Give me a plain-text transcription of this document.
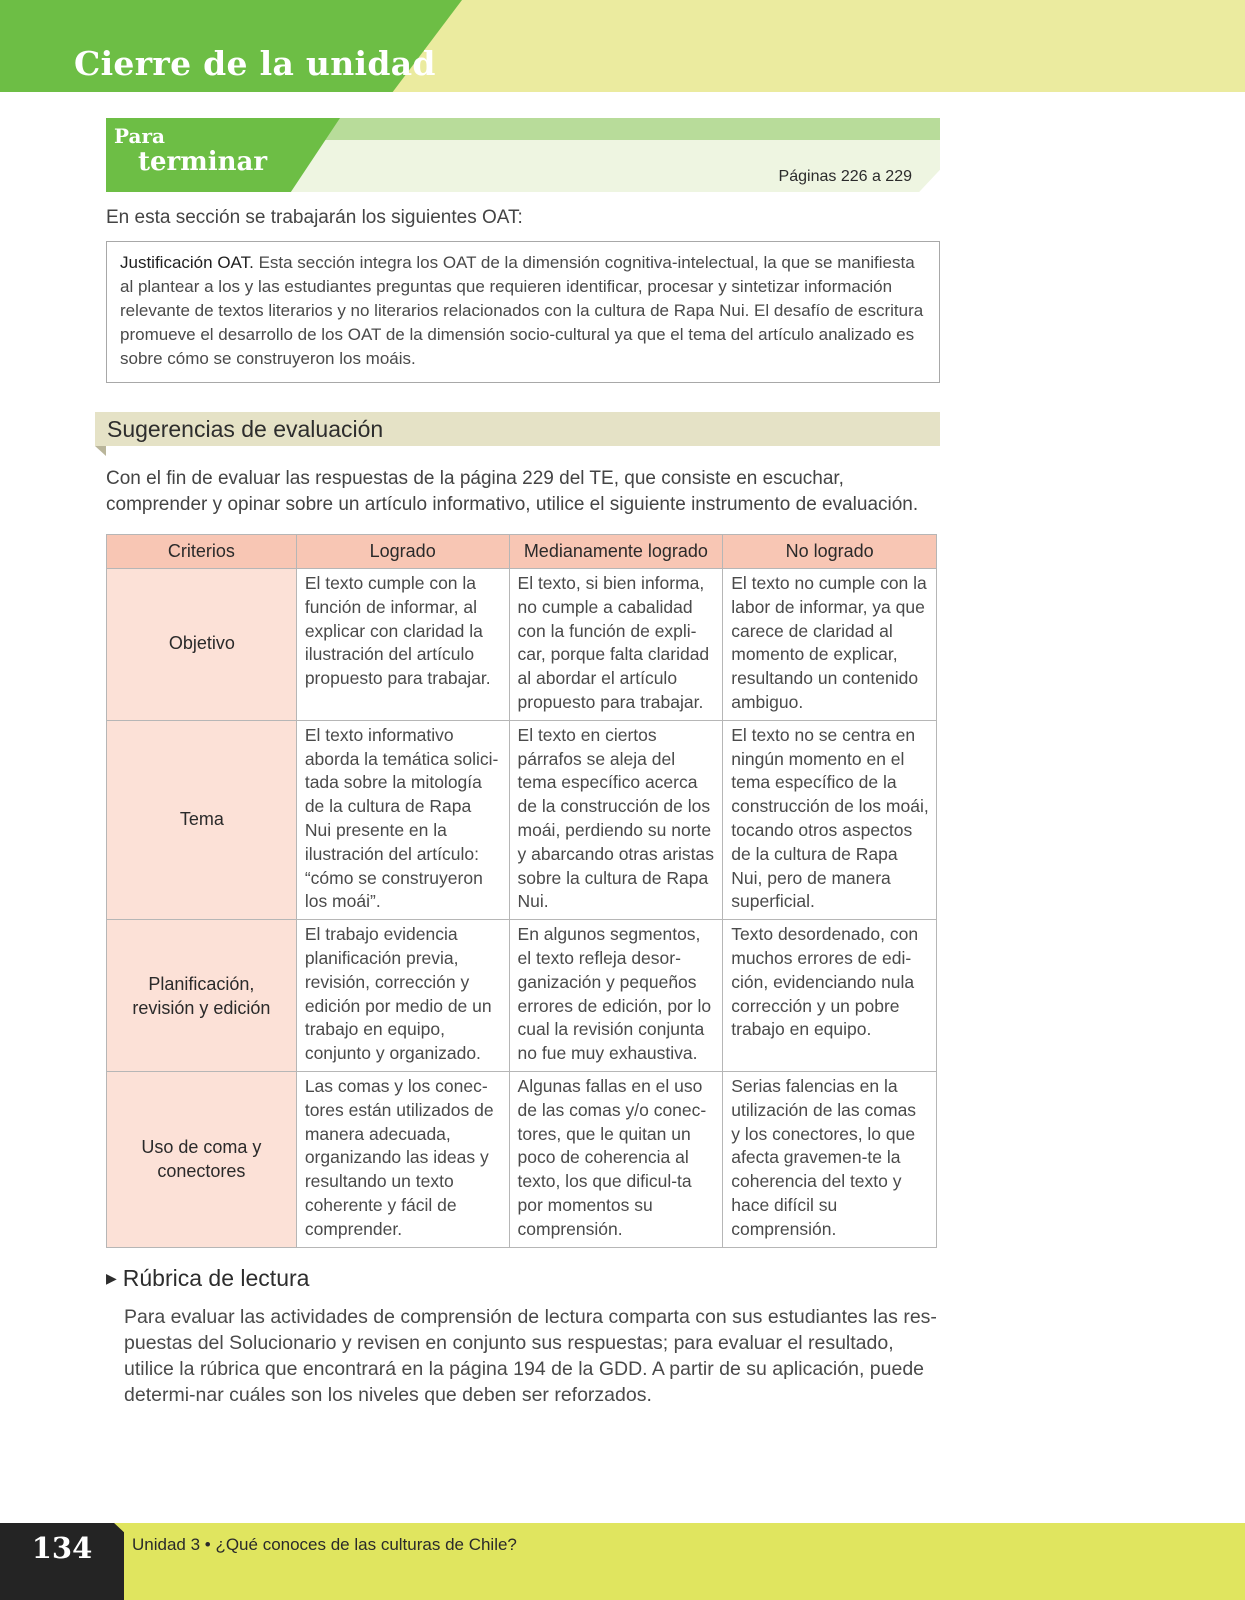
Cierre de la unidad
Para
terminar	Páginas 226 a 229
En esta sección se trabajarán los siguientes OAT:
Justificación OAT. Esta sección integra los OAT de la dimensión cognitiva-intelectual, la que se manifiesta al plantear a los y las estudiantes preguntas que requieren identificar, procesar y sintetizar información relevante de textos literarios y no literarios relacionados con la cultura de Rapa Nui. El desafío de escritura promueve el desarrollo de los OAT de la dimensión socio-cultural ya que el tema del artículo analizado es sobre cómo se construyeron los moáis.
Sugerencias de evaluación
Con el fin de evaluar las respuestas de la página 229 del TE, que consiste en escuchar, comprender y opinar sobre un artículo informativo, utilice el siguiente instrumento de evaluación.
Criterios	Logrado	Medianamente logrado	No logrado
Objetivo	El texto cumple con la función de informar, al explicar con claridad la ilustración del artículo propuesto para trabajar.	El texto, si bien informa, no cumple a cabalidad con la función de expli-car, porque falta claridad al abordar el artículo propuesto para trabajar.	El texto no cumple con la labor de informar, ya que carece de claridad al momento de explicar, resultando un contenido ambiguo.
Tema	El texto informativo aborda la temática solici-tada sobre la mitología de la cultura de Rapa Nui presente en la ilustración del artículo: “cómo se construyeron los moái”.	El texto en ciertos párrafos se aleja del tema específico acerca de la construcción de los moái, perdiendo su norte y abarcando otras aristas sobre la cultura de Rapa Nui.	El texto no se centra en ningún momento en el tema específico de la construcción de los moái, tocando otros aspectos de la cultura de Rapa Nui, pero de manera superficial.
Planificación, revisión y edición	El trabajo evidencia planificación previa, revisión, corrección y edición por medio de un trabajo en equipo, conjunto y organizado.	En algunos segmentos, el texto refleja desor-ganización y pequeños errores de edición, por lo cual la revisión conjunta no fue muy exhaustiva.	Texto desordenado, con muchos errores de edi-ción, evidenciando nula corrección y un pobre trabajo en equipo.
Uso de coma y conectores	Las comas y los conec-tores están utilizados de manera adecuada, organizando las ideas y resultando un texto coherente y fácil de comprender.	Algunas fallas en el uso de las comas y/o conec-tores, que le quitan un poco de coherencia al texto, los que dificul-ta por momentos su comprensión.	Serias falencias en la utilización de las comas y los conectores, lo que afecta gravemen-te la coherencia del texto y hace difícil su comprensión.
▶ Rúbrica de lectura
Para evaluar las actividades de comprensión de lectura comparta con sus estudiantes las res-puestas del Solucionario y revisen en conjunto sus respuestas; para evaluar el resultado, utilice la rúbrica que encontrará en la página 194 de la GDD. A partir de su aplicación, puede determi-nar cuáles son los niveles que deben ser reforzados.
134	Unidad 3 • ¿Qué conoces de las culturas de Chile?
